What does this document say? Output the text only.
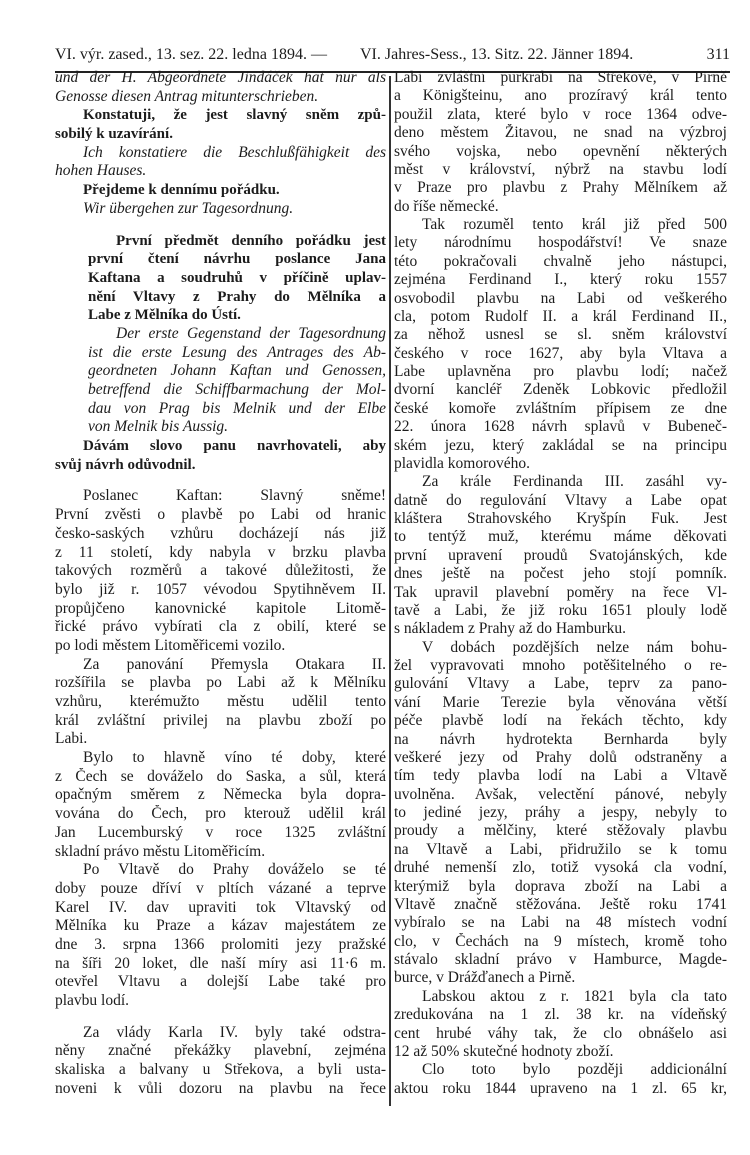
VI. výr. zased., 13. sez. 22. ledna 1894. — VI. Jahres-Sess., 13. Sitz. 22. Jänner 1894.	311
und der H. Abgeordnete Jindáček hat nur als
Genosse diesen Antrag mitunterschrieben.
Konstatuji, že jest slavný sněm způ-
sobilý k uzavírání.
Ich konstatiere die Beschlußfähigkeit des
hohen Hauses.
Přejdeme k dennímu pořádku.
Wir übergehen zur Tagesordnung.
První předmět denního pořádku jest
první čtení návrhu poslance Jana
Kaftana a soudruhů v příčině uplav-
nění Vltavy z Prahy do Mělníka a
Labe z Mělníka do Ústí.
Der erste Gegenstand der Tagesordnung
ist die erste Lesung des Antrages des Ab-
geordneten Johann Kaftan und Genossen,
betreffend die Schiffbarmachung der Mol-
dau von Prag bis Melnik und der Elbe
von Melnik bis Aussig.
Dávám slovo panu navrhovateli, aby
svůj návrh odůvodnil.
Poslanec Kaftan: Slavný sněme!
První zvěsti o plavbě po Labi od hranic
česko-saských vzhůru docházejí nás již
z 11 století, kdy nabyla v brzku plavba
takových rozměrů a takové důležitosti, že
bylo již r. 1057 vévodou Spytihněvem II.
propůjčeno kanovnické kapitole Litomě-
řické právo vybírati cla z obilí, které se
po lodi městem Litoměřicemi vozilo.
Za panování Přemysla Otakara II.
rozšířila se plavba po Labi až k Mělníku
vzhůru, kterémužto městu udělil tento
král zvláštní privilej na plavbu zboží po
Labi.
Bylo to hlavně víno té doby, které
z Čech se dováželo do Saska, a sůl, která
opačným směrem z Německa byla dopra-
vována do Čech, pro kterouž udělil král
Jan Lucemburský v roce 1325 zvláštní
skladní právo městu Litoměřicím.
Po Vltavě do Prahy dováželo se té
doby pouze dříví v pltích vázané a teprve
Karel IV. dav upraviti tok Vltavský od
Mělníka ku Praze a kázav majestátem ze
dne 3. srpna 1366 prolomiti jezy pražské
na šíři 20 loket, dle naší míry asi 11·6 m.
otevřel Vltavu a dolejší Labe také pro
plavbu lodí.
Za vlády Karla IV. byly také odstra-
něny značné překážky plavební, zejména
skaliska a balvany u Střekova, a byli usta-
noveni k vůli dozoru na plavbu na řece
Labi zvláštní purkrabí na Střekově, v Pirně
a Königšteinu, ano prozíravý král tento
použil zlata, které bylo v roce 1364 odve-
deno městem Žitavou, ne snad na výzbroj
svého vojska, nebo opevnění některých
měst v království, nýbrž na stavbu lodí
v Praze pro plavbu z Prahy Mělníkem až
do říše německé.
Tak rozuměl tento král již před 500
lety národnímu hospodářství! Ve snaze
této pokračovali chvalně jeho nástupci,
zejména Ferdinand I., který roku 1557
osvobodil plavbu na Labi od veškerého
cla, potom Rudolf II. a král Ferdinand II.,
za něhož usnesl se sl. sněm království
českého v roce 1627, aby byla Vltava a
Labe uplavněna pro plavbu lodí; načež
dvorní kancléř Zdeněk Lobkovic předložil
české komoře zvláštním přípisem ze dne
22. února 1628 návrh splavů v Bubeneč-
ském jezu, který zakládal se na principu
plavidla komorového.
Za krále Ferdinanda III. zasáhl vy-
datně do regulování Vltavy a Labe opat
kláštera Strahovského Kryšpín Fuk. Jest
to tentýž muž, kterému máme děkovati
první upravení proudů Svatojánských, kde
dnes ještě na počest jeho stojí pomník.
Tak upravil plavební poměry na řece Vl-
tavě a Labi, že již roku 1651 plouly lodě
s nákladem z Prahy až do Hamburku.
V dobách pozdějších nelze nám bohu-
žel vypravovati mnoho potěšitelného o re-
gulování Vltavy a Labe, teprv za pano-
vání Marie Terezie byla věnována větší
péče plavbě lodí na řekách těchto, kdy
na návrh hydrotekta Bernharda byly
veškeré jezy od Prahy dolů odstraněny a
tím tedy plavba lodí na Labi a Vltavě
uvolněna. Avšak, velectění pánové, nebyly
to jediné jezy, práhy a jespy, nebyly to
proudy a mělčiny, které stěžovaly plavbu
na Vltavě a Labi, přidružilo se k tomu
druhé nemenší zlo, totiž vysoká cla vodní,
kterýmiž byla doprava zboží na Labi a
Vltavě značně stěžována. Ještě roku 1741
vybíralo se na Labi na 48 místech vodní
clo, v Čechách na 9 místech, kromě toho
stávalo skladní právo v Hamburce, Magde-
burce, v Drážďanech a Pirně.
Labskou aktou z r. 1821 byla cla tato
zredukována na 1 zl. 38 kr. na vídeňský
cent hrubé váhy tak, že clo obnášelo asi
12 až 50% skutečné hodnoty zboží.
Clo toto bylo později addicionální
aktou roku 1844 upraveno na 1 zl. 65 kr,
